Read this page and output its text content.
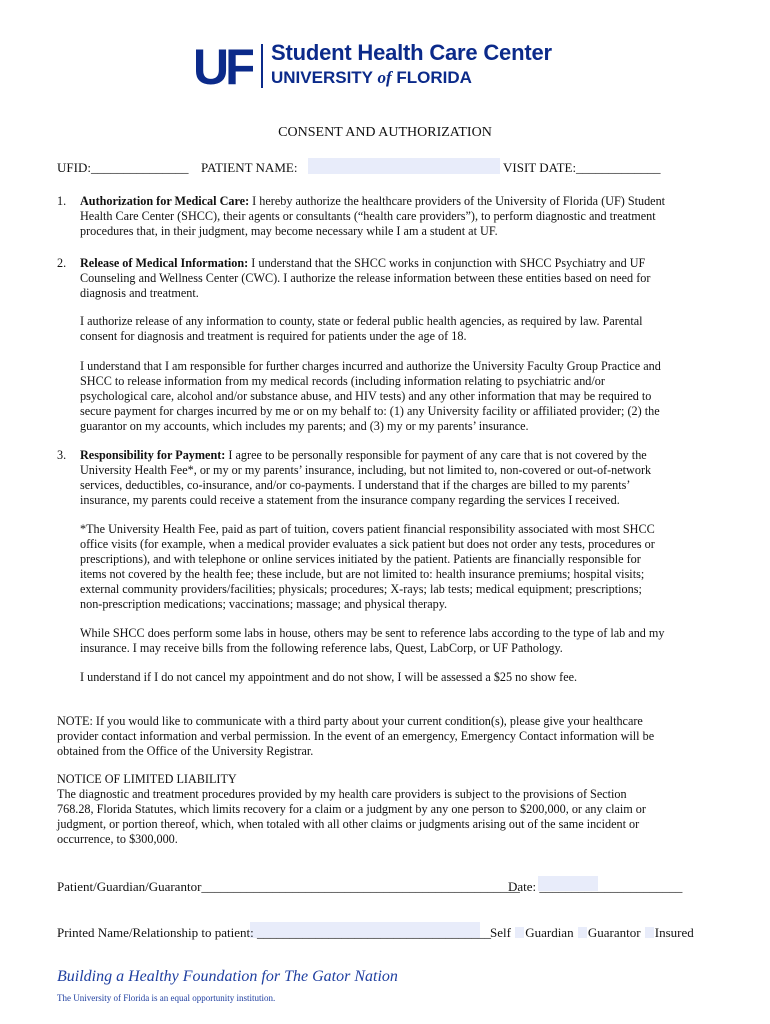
UF Student Health Care Center
UNIVERSITY of FLORIDA
CONSENT AND AUTHORIZATION
UFID:_______________ PATIENT NAME:	VISIT DATE:_____________
1. Authorization for Medical Care: I hereby authorize the healthcare providers of the University of Florida (UF) Student
Health Care Center (SHCC), their agents or consultants (“health care providers”), to perform diagnostic and treatment
procedures that, in their judgment, may become necessary while I am a student at UF.
2. Release of Medical Information: I understand that the SHCC works in conjunction with SHCC Psychiatry and UF
Counseling and Wellness Center (CWC). I authorize the release information between these entities based on need for
diagnosis and treatment.
I authorize release of any information to county, state or federal public health agencies, as required by law. Parental
consent for diagnosis and treatment is required for patients under the age of 18.
I understand that I am responsible for further charges incurred and authorize the University Faculty Group Practice and
SHCC to release information from my medical records (including information relating to psychiatric and/or
psychological care, alcohol and/or substance abuse, and HIV tests) and any other information that may be required to
secure payment for charges incurred by me or on my behalf to: (1) any University facility or affiliated provider; (2) the
guarantor on my accounts, which includes my parents; and (3) my or my parents’ insurance.
3. Responsibility for Payment: I agree to be personally responsible for payment of any care that is not covered by the
University Health Fee*, or my or my parents’ insurance, including, but not limited to, non-covered or out-of-network
services, deductibles, co-insurance, and/or co-payments. I understand that if the charges are billed to my parents’
insurance, my parents could receive a statement from the insurance company regarding the services I received.
*The University Health Fee, paid as part of tuition, covers patient financial responsibility associated with most SHCC
office visits (for example, when a medical provider evaluates a sick patient but does not order any tests, procedures or
prescriptions), and with telephone or online services initiated by the patient. Patients are financially responsible for
items not covered by the health fee; these include, but are not limited to: health insurance premiums; hospital visits;
external community providers/facilities; physicals; procedures; X-rays; lab tests; medical equipment; prescriptions;
non-prescription medications; vaccinations; massage; and physical therapy.
While SHCC does perform some labs in house, others may be sent to reference labs according to the type of lab and my
insurance. I may receive bills from the following reference labs, Quest, LabCorp, or UF Pathology.
I understand if I do not cancel my appointment and do not show, I will be assessed a $25 no show fee.
NOTE: If you would like to communicate with a third party about your current condition(s), please give your healthcare
provider contact information and verbal permission. In the event of an emergency, Emergency Contact information will be
obtained from the Office of the University Registrar.
NOTICE OF LIMITED LIABILITY
The diagnostic and treatment procedures provided by my health care providers is subject to the provisions of Section
768.28, Florida Statutes, which limits recovery for a claim or a judgment by any one person to $200,000, or any claim or
judgment, or portion thereof, which, when totaled with all other claims or judgments arising out of the same incident or
occurrence, to $300,000.
Patient/Guardian/Guarantor_________________________________________________
Date: ______________________
Printed Name/Relationship to patient: ____________________________________
Self Guardian Guarantor Insured
Building a Healthy Foundation for The Gator Nation
The University of Florida is an equal opportunity institution.
